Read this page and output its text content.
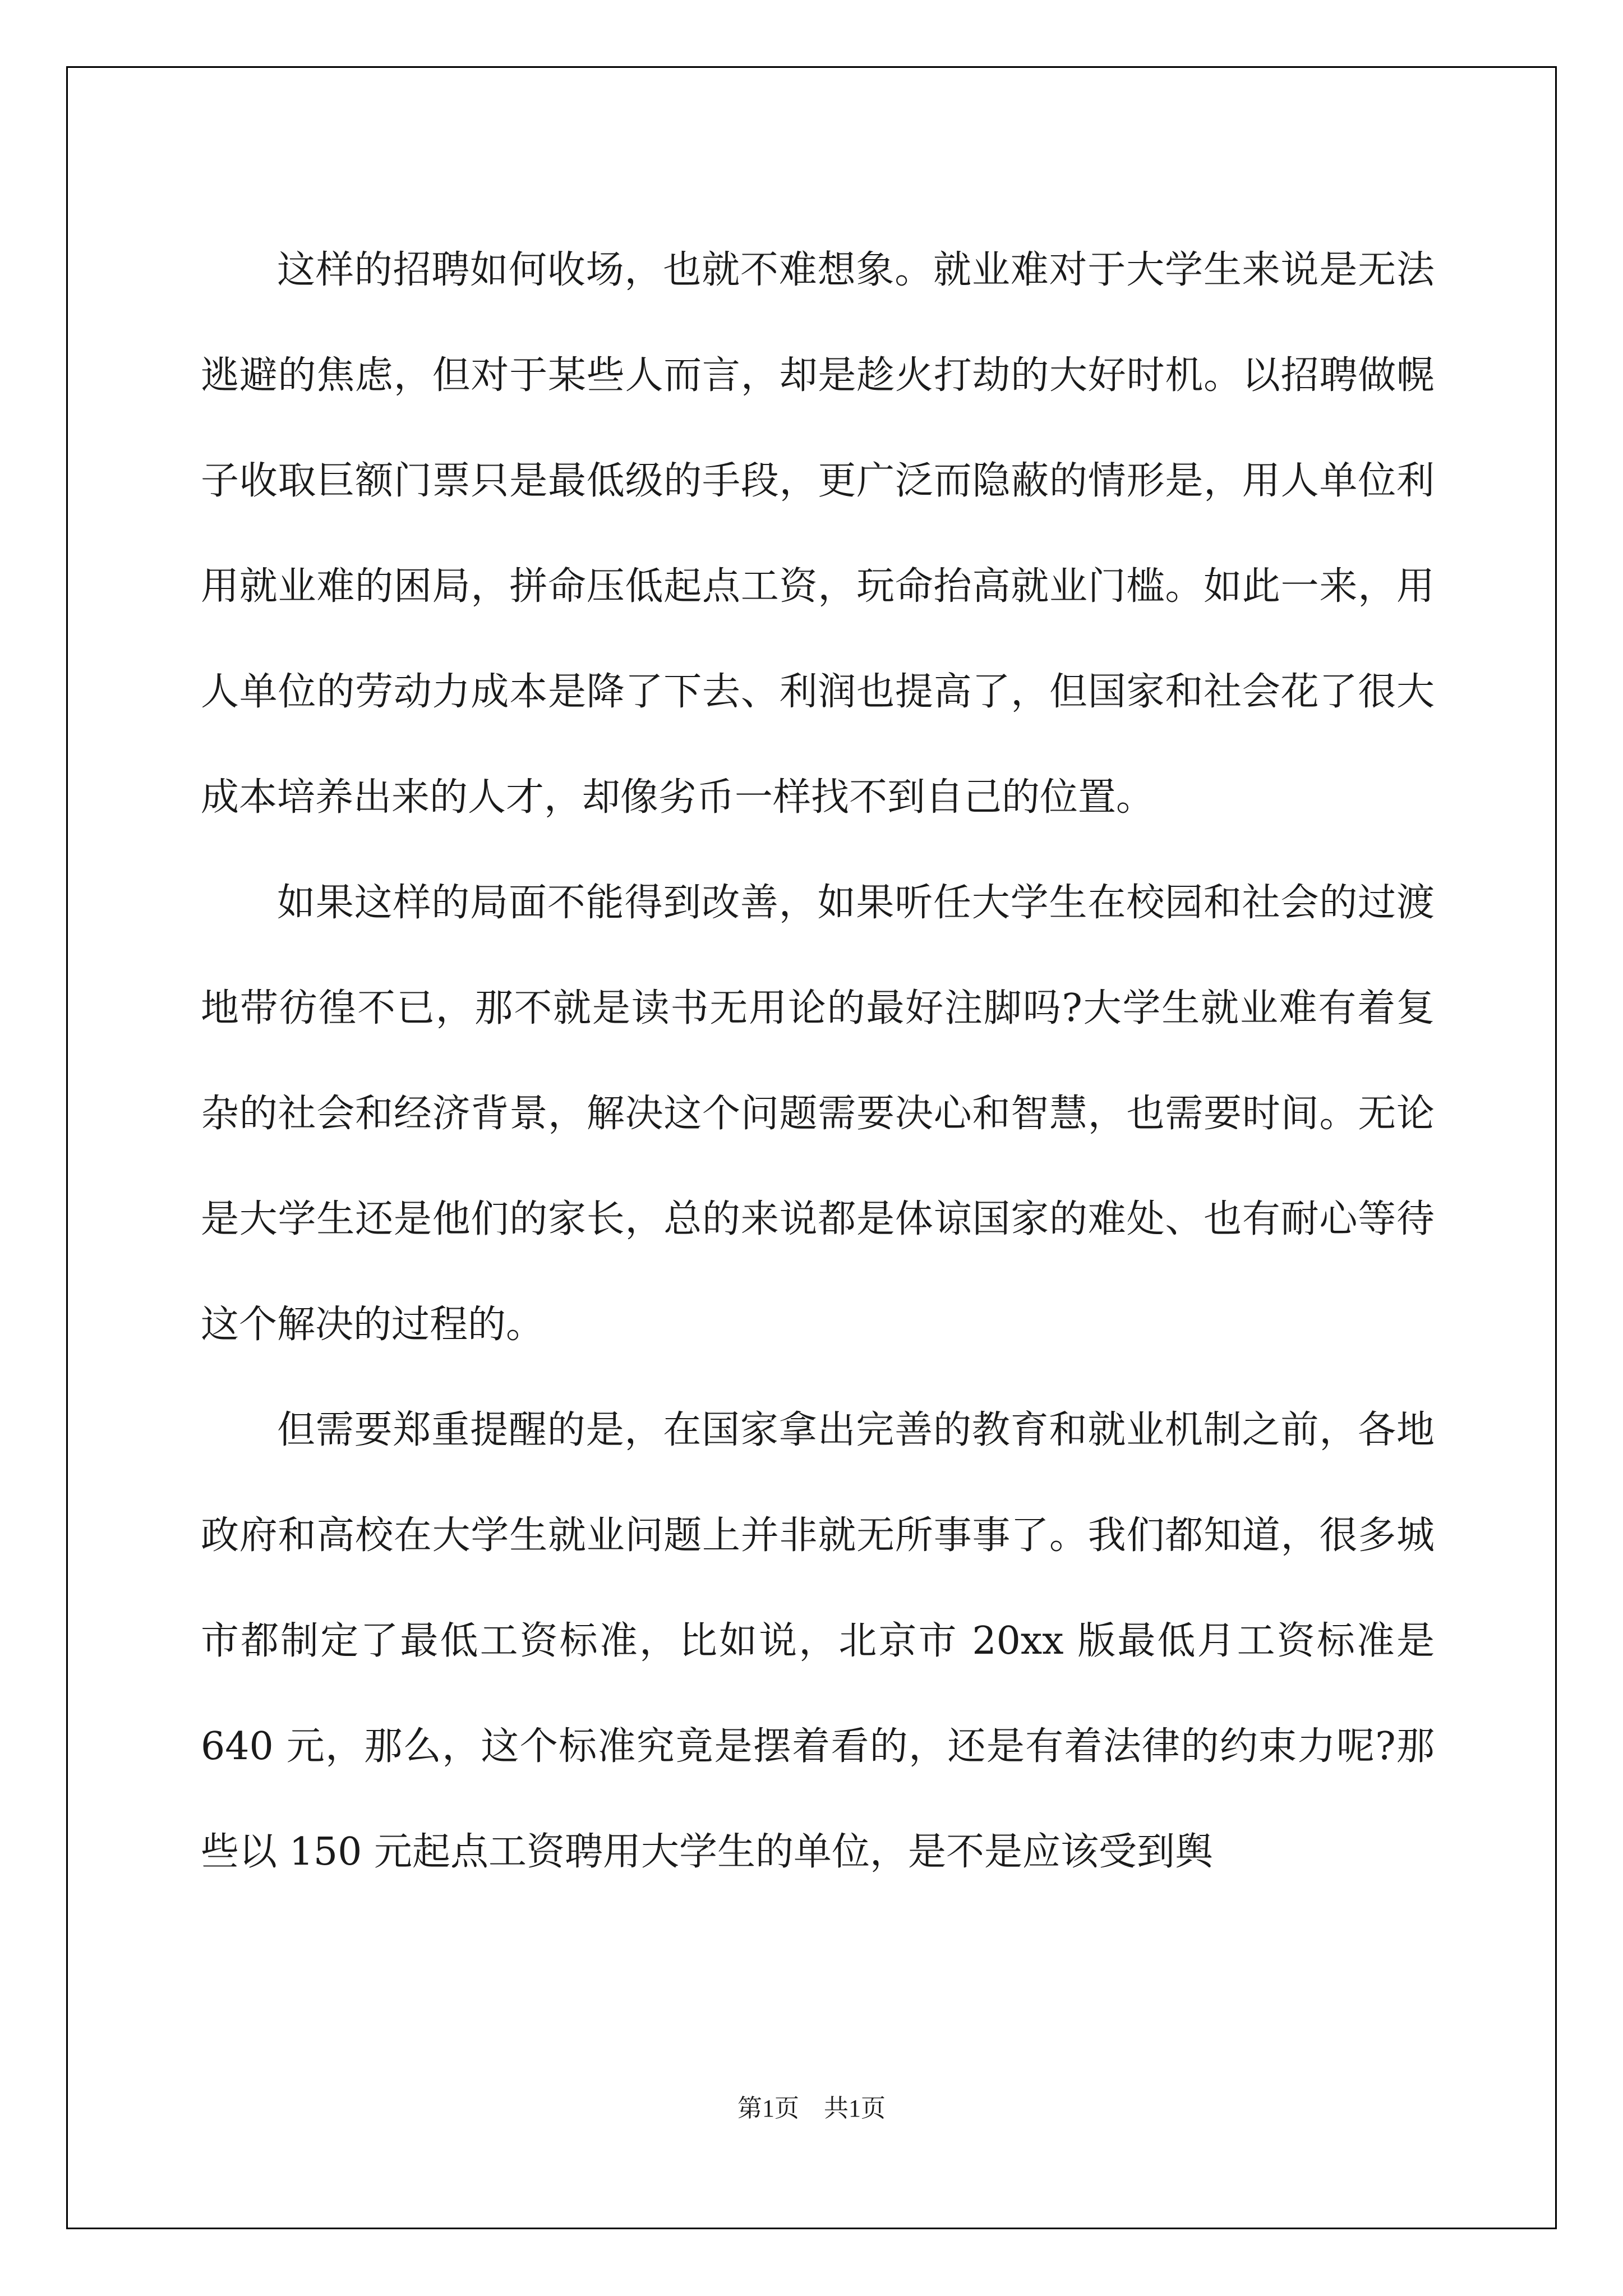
这样的招聘如何收场，也就不难想象。就业难对于大学生来说是无法逃避的焦虑，但对于某些人而言，却是趁火打劫的大好时机。以招聘做幌子收取巨额门票只是最低级的手段，更广泛而隐蔽的情形是，用人单位利用就业难的困局，拼命压低起点工资，玩命抬高就业门槛。如此一来，用人单位的劳动力成本是降了下去、利润也提高了，但国家和社会花了很大成本培养出来的人才，却像劣币一样找不到自己的位置。

如果这样的局面不能得到改善，如果听任大学生在校园和社会的过渡地带彷徨不已，那不就是读书无用论的最好注脚吗?大学生就业难有着复杂的社会和经济背景，解决这个问题需要决心和智慧，也需要时间。无论是大学生还是他们的家长，总的来说都是体谅国家的难处、也有耐心等待这个解决的过程的。

但需要郑重提醒的是，在国家拿出完善的教育和就业机制之前，各地政府和高校在大学生就业问题上并非就无所事事了。我们都知道，很多城市都制定了最低工资标准，比如说，北京市 20xx 版最低月工资标准是 640 元，那么，这个标准究竟是摆着看的，还是有着法律的约束力呢?那些以 150 元起点工资聘用大学生的单位，是不是应该受到舆

第1页 共1页
